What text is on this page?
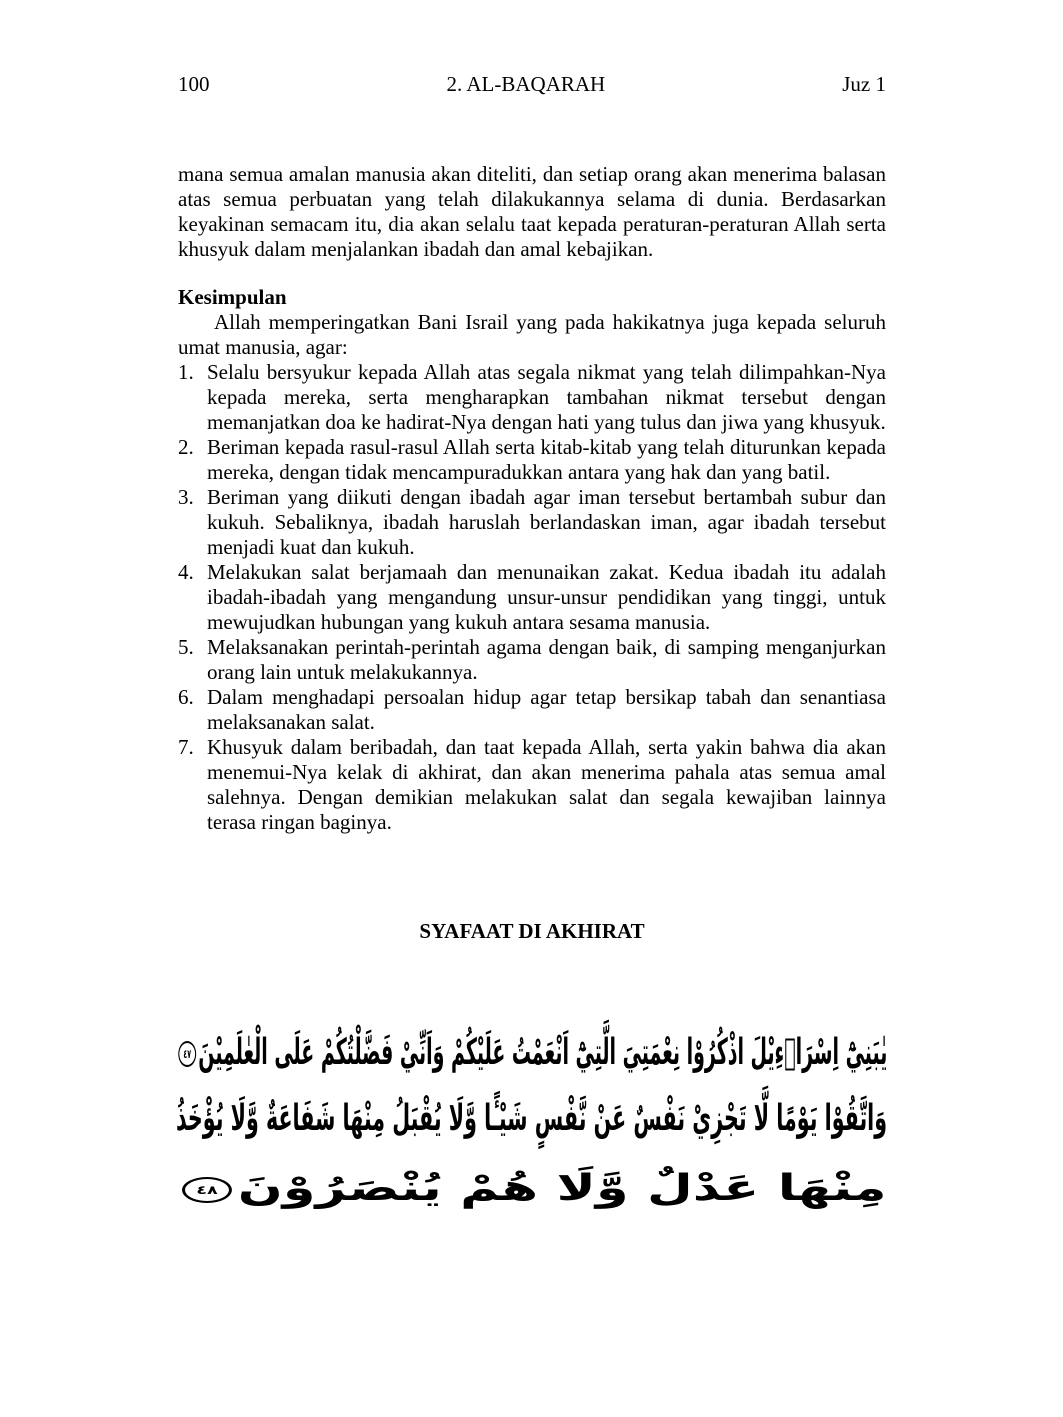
100	2. AL-BAQARAH	Juz 1

mana semua amalan manusia akan diteliti, dan setiap orang akan menerima balasan atas semua perbuatan yang telah dilakukannya selama di dunia. Berdasarkan keyakinan semacam itu, dia akan selalu taat kepada peraturan-peraturan Allah serta khusyuk dalam menjalankan ibadah dan amal kebajikan.

Kesimpulan

Allah memperingatkan Bani Israil yang pada hakikatnya juga kepada seluruh umat manusia, agar:

1. Selalu bersyukur kepada Allah atas segala nikmat yang telah dilimpahkan-Nya kepada mereka, serta mengharapkan tambahan nikmat tersebut dengan memanjatkan doa ke hadirat-Nya dengan hati yang tulus dan jiwa yang khusyuk.
2. Beriman kepada rasul-rasul Allah serta kitab-kitab yang telah diturunkan kepada mereka, dengan tidak mencampuradukkan antara yang hak dan yang batil.
3. Beriman yang diikuti dengan ibadah agar iman tersebut bertambah subur dan kukuh. Sebaliknya, ibadah haruslah berlandaskan iman, agar ibadah tersebut menjadi kuat dan kukuh.
4. Melakukan salat berjamaah dan menunaikan zakat. Kedua ibadah itu adalah ibadah-ibadah yang mengandung unsur-unsur pendidikan yang tinggi, untuk mewujudkan hubungan yang kukuh antara sesama manusia.
5. Melaksanakan perintah-perintah agama dengan baik, di samping menganjurkan orang lain untuk melakukannya.
6. Dalam menghadapi persoalan hidup agar tetap bersikap tabah dan senantiasa melaksanakan salat.
7. Khusyuk dalam beribadah, dan taat kepada Allah, serta yakin bahwa dia akan menemui-Nya kelak di akhirat, dan akan menerima pahala atas semua amal salehnya. Dengan demikian melakukan salat dan segala kewajiban lainnya terasa ringan baginya.
SYAFAAT DI AKHIRAT
يٰبَنِيْٓ اِسْرَاۤءِيْلَ اذْكُرُوْا نِعْمَتِيَ الَّتِيْٓ اَنْعَمْتُ عَلَيْكُمْ وَاَنِّيْ فَضَّلْتُكُمْ عَلَى الْعٰلَمِيْنَ٤٧
وَاتَّقُوْا يَوْمًا لَّا تَجْزِيْ نَفْسٌ عَنْ نَّفْسٍ شَيْـًٔا وَّلَا يُقْبَلُ مِنْهَا شَفَاعَةٌ وَّلَا يُؤْخَذُ
مِنْهَا عَدْلٌ وَّلَا هُمْ يُنْصَرُوْنَ٤٨
